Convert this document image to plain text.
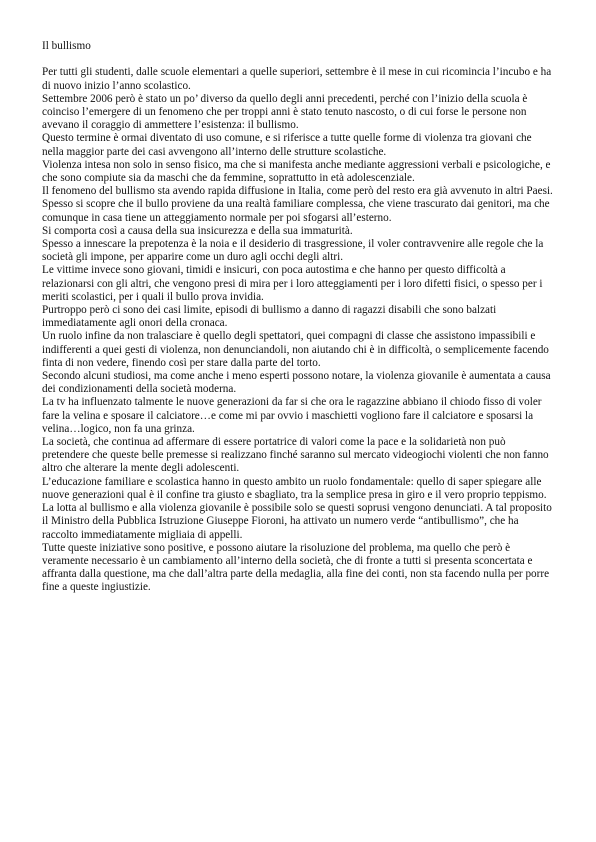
Il bullismo

Per tutti gli studenti, dalle scuole elementari a quelle superiori, settembre è il mese in cui ricomincia l’incubo e ha di nuovo inizio l’anno scolastico.

Settembre 2006 però è stato un po’ diverso da quello degli anni precedenti, perché con l’inizio della scuola è coinciso l’emergere di un fenomeno che per troppi anni è stato tenuto nascosto, o di cui forse le persone non avevano il coraggio di ammettere l’esistenza: il bullismo.

Questo termine è ormai diventato di uso comune, e si riferisce a tutte quelle forme di violenza tra giovani che nella maggior parte dei casi avvengono all’interno delle strutture scolastiche.

Violenza intesa non solo in senso fisico, ma che si manifesta anche mediante aggressioni verbali e psicologiche, e che sono compiute sia da maschi che da femmine, soprattutto in età adolescenziale.

Il fenomeno del bullismo sta avendo rapida diffusione in Italia, come però del resto era già avvenuto in altri Paesi.

Spesso si scopre che il bullo proviene da una realtà familiare complessa, che viene trascurato dai genitori, ma che comunque in casa tiene un atteggiamento normale per poi sfogarsi all’esterno.

Si comporta così a causa della sua insicurezza e della sua immaturità.

Spesso a innescare la prepotenza è la noia e il desiderio di trasgressione, il voler contravvenire alle regole che la società gli impone, per apparire come un duro agli occhi degli altri.

Le vittime invece sono giovani, timidi e insicuri, con poca autostima e che hanno per questo difficoltà a relazionarsi con gli altri, che vengono presi di mira per i loro atteggiamenti per i loro difetti fisici, o spesso per i meriti scolastici, per i quali il bullo prova invidia.

Purtroppo però ci sono dei casi limite, episodi di bullismo a danno di ragazzi disabili che sono balzati immediatamente agli onori della cronaca.

Un ruolo infine da non tralasciare è quello degli spettatori, quei compagni di classe che assistono impassibili e indifferenti a quei gesti di violenza, non denunciandoli, non aiutando chi è in difficoltà, o semplicemente facendo finta di non vedere, finendo così per stare dalla parte del torto.

Secondo alcuni studiosi, ma come anche i meno esperti possono notare, la violenza giovanile è aumentata a causa dei condizionamenti della società moderna.

La tv ha influenzato talmente le nuove generazioni da far si che ora le ragazzine abbiano il chiodo fisso di voler fare la velina e sposare il calciatore…e come mi par ovvio i maschietti vogliono fare il calciatore e sposarsi la velina…logico, non fa una grinza.

La società, che continua ad affermare di essere portatrice di valori come la pace e la solidarietà non può pretendere che queste belle premesse si realizzano finché saranno sul mercato videogiochi violenti che non fanno altro che alterare la mente degli adolescenti.

L’educazione familiare e scolastica hanno in questo ambito un ruolo fondamentale: quello di saper spiegare alle nuove generazioni qual è il confine tra giusto e sbagliato, tra la semplice presa in giro e il vero proprio teppismo.

La lotta al bullismo e alla violenza giovanile è possibile solo se questi soprusi vengono denunciati. A tal proposito il Ministro della Pubblica Istruzione Giuseppe Fioroni, ha attivato un numero verde “antibullismo”, che ha raccolto immediatamente migliaia di appelli.

Tutte queste iniziative sono positive, e possono aiutare la risoluzione del problema, ma quello che però è veramente necessario è un cambiamento all’interno della società, che di fronte a tutti si presenta sconcertata e affranta dalla questione, ma che dall’altra parte della medaglia, alla fine dei conti, non sta facendo nulla per porre fine a queste ingiustizie.
